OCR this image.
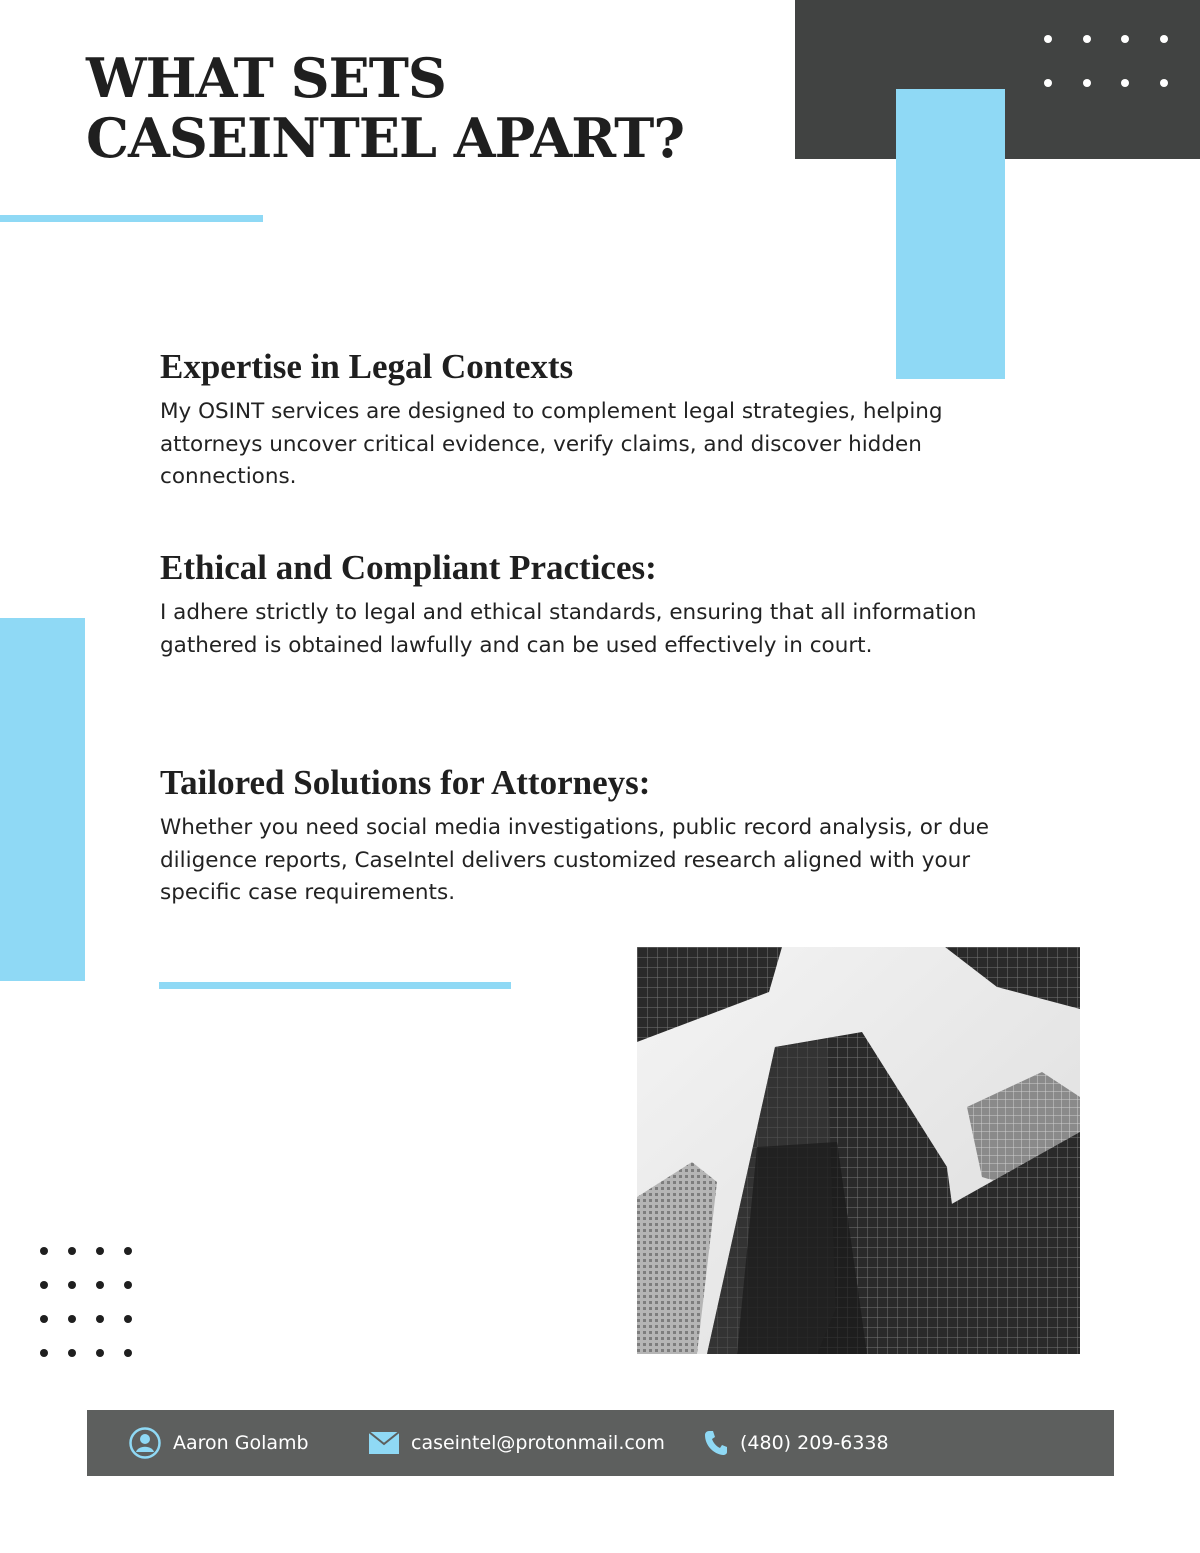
WHAT SETS
CASEINTEL APART?
Expertise in Legal Contexts

My OSINT services are designed to complement legal strategies, helping attorneys uncover critical evidence, verify claims, and discover hidden connections.

Ethical and Compliant Practices:

I adhere strictly to legal and ethical standards, ensuring that all information gathered is obtained lawfully and can be used effectively in court.

Tailored Solutions for Attorneys:

Whether you need social media investigations, public record analysis, or due diligence reports, CaseIntel delivers customized research aligned with your specific case requirements.

Aaron Golamb	caseintel@protonmail.com	(480) 209-6338
